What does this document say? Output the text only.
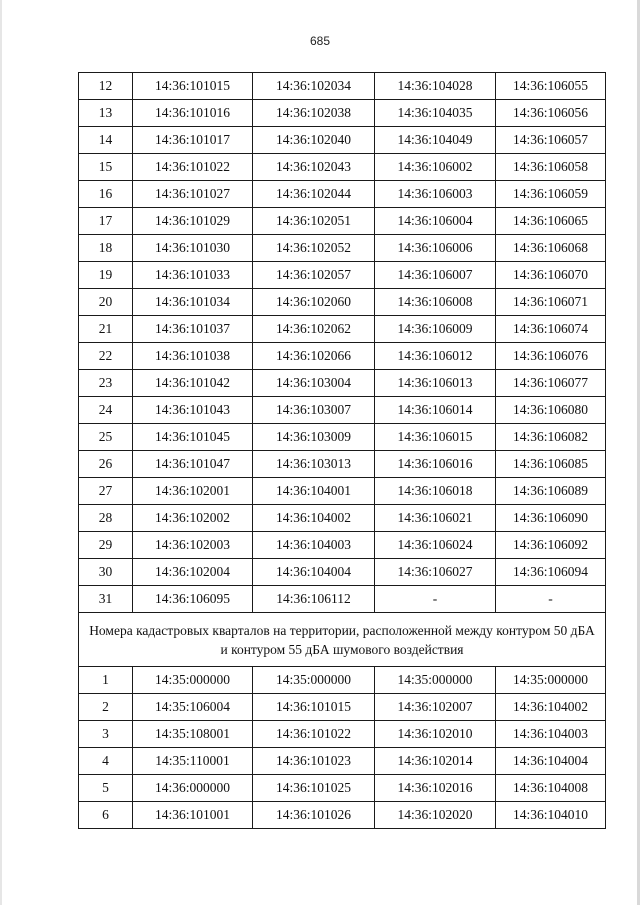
685
12	14:36:101015	14:36:102034	14:36:104028	14:36:106055
13	14:36:101016	14:36:102038	14:36:104035	14:36:106056
14	14:36:101017	14:36:102040	14:36:104049	14:36:106057
15	14:36:101022	14:36:102043	14:36:106002	14:36:106058
16	14:36:101027	14:36:102044	14:36:106003	14:36:106059
17	14:36:101029	14:36:102051	14:36:106004	14:36:106065
18	14:36:101030	14:36:102052	14:36:106006	14:36:106068
19	14:36:101033	14:36:102057	14:36:106007	14:36:106070
20	14:36:101034	14:36:102060	14:36:106008	14:36:106071
21	14:36:101037	14:36:102062	14:36:106009	14:36:106074
22	14:36:101038	14:36:102066	14:36:106012	14:36:106076
23	14:36:101042	14:36:103004	14:36:106013	14:36:106077
24	14:36:101043	14:36:103007	14:36:106014	14:36:106080
25	14:36:101045	14:36:103009	14:36:106015	14:36:106082
26	14:36:101047	14:36:103013	14:36:106016	14:36:106085
27	14:36:102001	14:36:104001	14:36:106018	14:36:106089
28	14:36:102002	14:36:104002	14:36:106021	14:36:106090
29	14:36:102003	14:36:104003	14:36:106024	14:36:106092
30	14:36:102004	14:36:104004	14:36:106027	14:36:106094
31	14:36:106095	14:36:106112	-	-
Номера кадастровых кварталов на территории, расположенной между контуром 50 дБА и контуром 55 дБА шумового воздействия				
1	14:35:000000	14:35:000000	14:35:000000	14:35:000000
2	14:35:106004	14:36:101015	14:36:102007	14:36:104002
3	14:35:108001	14:36:101022	14:36:102010	14:36:104003
4	14:35:110001	14:36:101023	14:36:102014	14:36:104004
5	14:36:000000	14:36:101025	14:36:102016	14:36:104008
6	14:36:101001	14:36:101026	14:36:102020	14:36:104010
